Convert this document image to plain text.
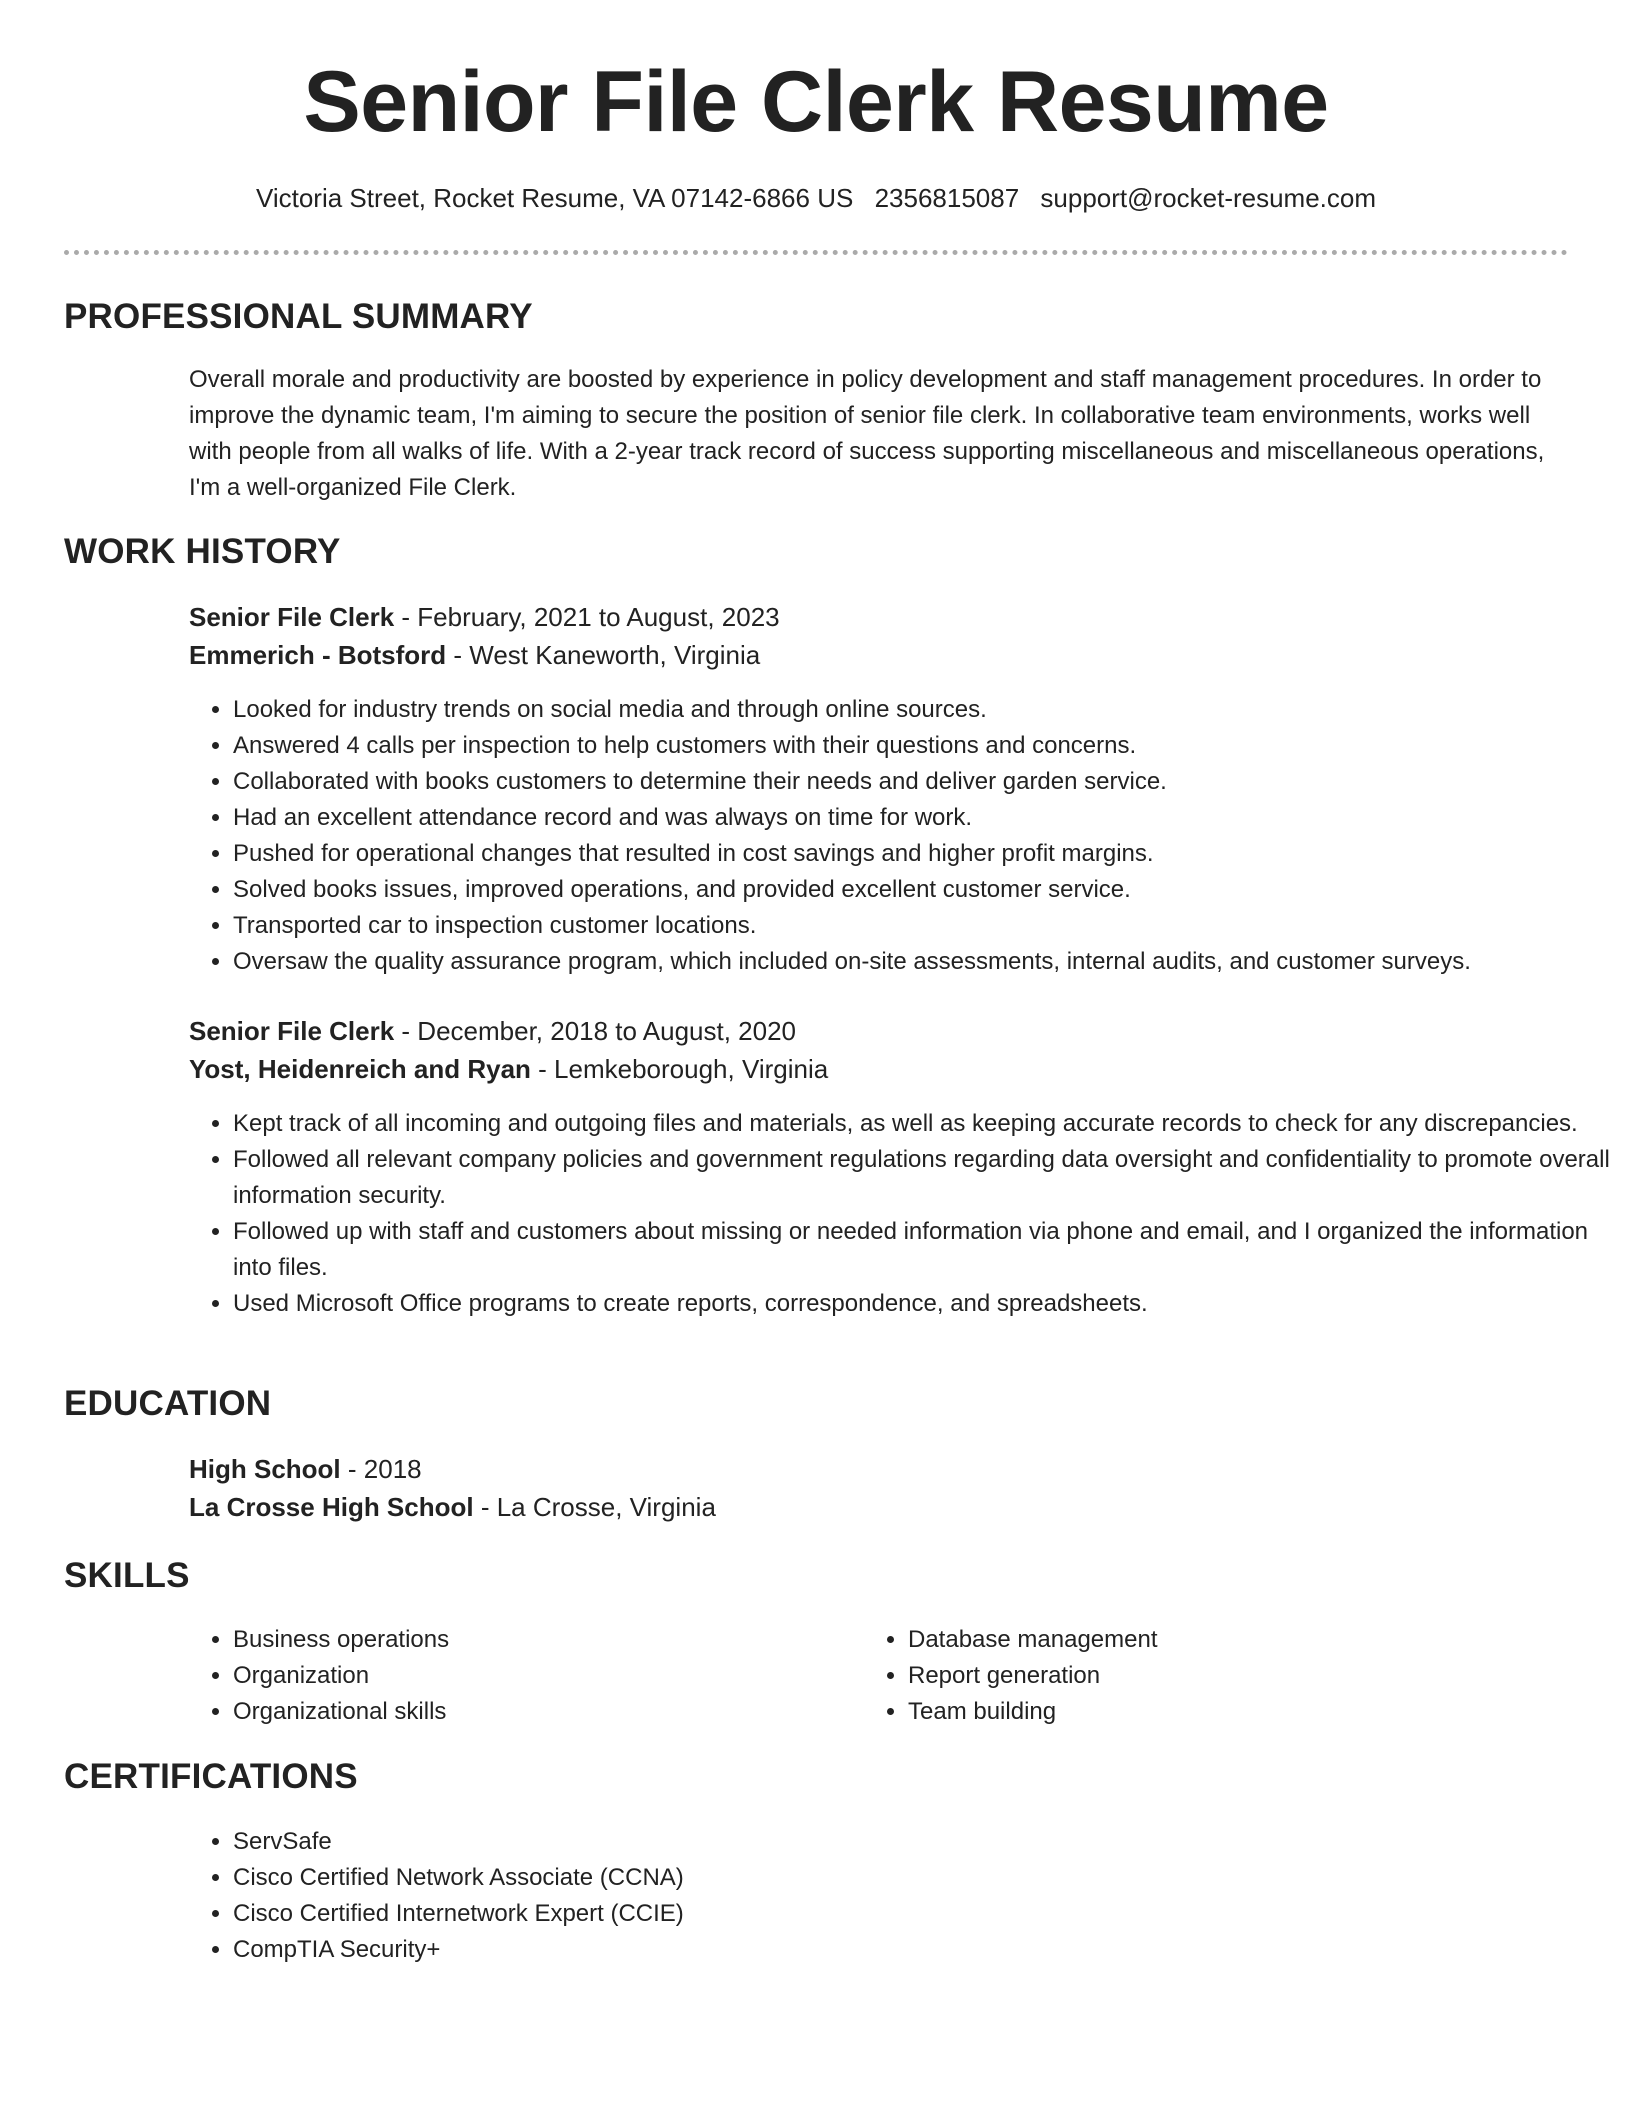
Senior File Clerk Resume
Victoria Street, Rocket Resume, VA 07142-6866 US 2356815087 support@rocket-resume.com
PROFESSIONAL SUMMARY

Overall morale and productivity are boosted by experience in policy development and staff management procedures. In order to improve the dynamic team, I'm aiming to secure the position of senior file clerk. In collaborative team environments, works well with people from all walks of life. With a 2-year track record of success supporting miscellaneous and miscellaneous operations, I'm a well-organized File Clerk.

WORK HISTORY
Senior File Clerk - February, 2021 to August, 2023
Emmerich - Botsford - West Kaneworth, Virginia
• Looked for industry trends on social media and through online sources.
• Answered 4 calls per inspection to help customers with their questions and concerns.
• Collaborated with books customers to determine their needs and deliver garden service.
• Had an excellent attendance record and was always on time for work.
• Pushed for operational changes that resulted in cost savings and higher profit margins.
• Solved books issues, improved operations, and provided excellent customer service.
• Transported car to inspection customer locations.
• Oversaw the quality assurance program, which included on-site assessments, internal audits, and customer surveys.
Senior File Clerk - December, 2018 to August, 2020
Yost, Heidenreich and Ryan - Lemkeborough, Virginia
• Kept track of all incoming and outgoing files and materials, as well as keeping accurate records to check for any discrepancies.
• Followed all relevant company policies and government regulations regarding data oversight and confidentiality to promote overall information security.
• Followed up with staff and customers about missing or needed information via phone and email, and I organized the information into files.
• Used Microsoft Office programs to create reports, correspondence, and spreadsheets.
EDUCATION
High School - 2018
La Crosse High School - La Crosse, Virginia
SKILLS
• Business operations
• Organization
• Organizational skills
• Database management
• Report generation
• Team building
CERTIFICATIONS
• ServSafe
• Cisco Certified Network Associate (CCNA)
• Cisco Certified Internetwork Expert (CCIE)
• CompTIA Security+
